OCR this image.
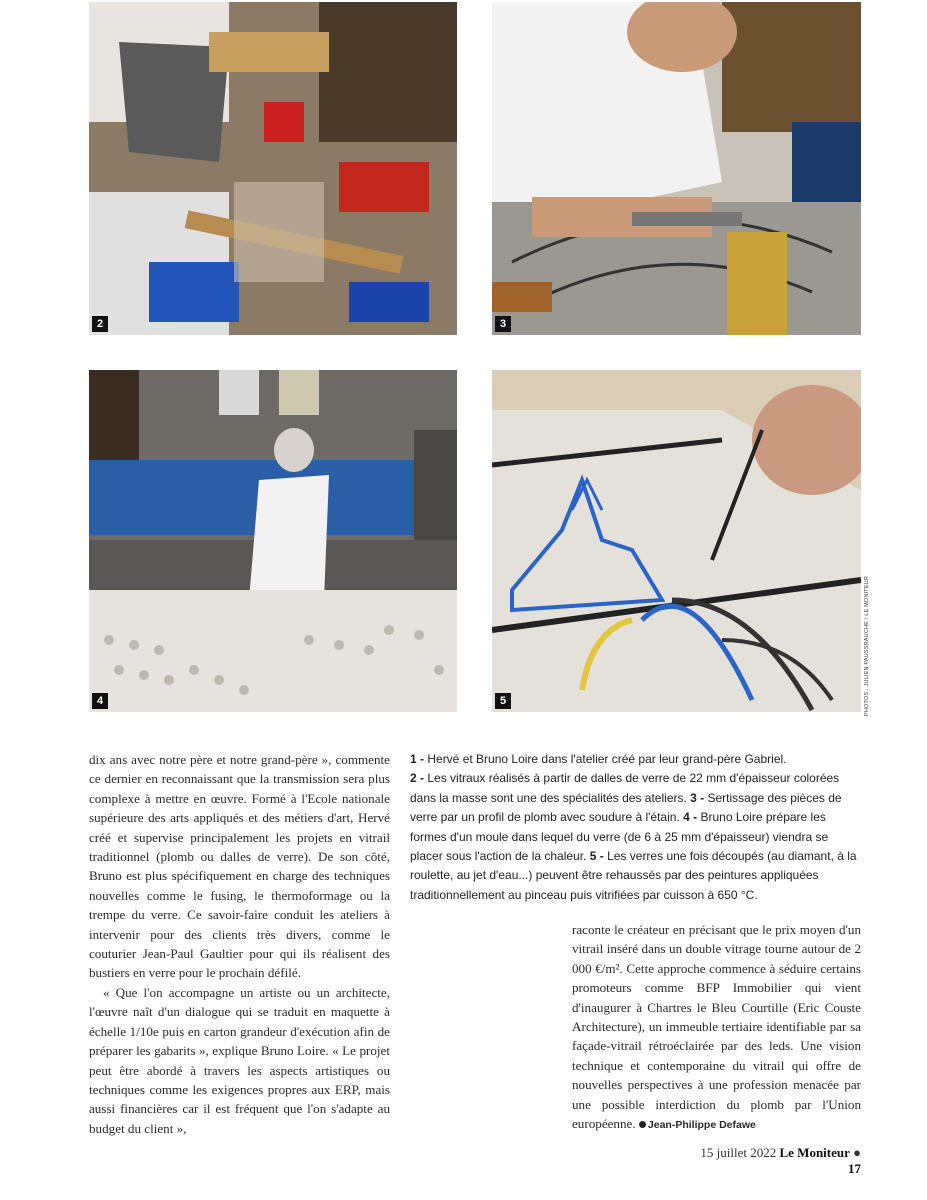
2	3
4	5	PHOTOS : JULIEN PAUSSRAUCHE / LE MONITEUR

dix ans avec notre père et notre grand-père », commente ce dernier en reconnaissant que la transmission sera plus complexe à mettre en œuvre. Formé à l'Ecole nationale supérieure des arts appliqués et des métiers d'art, Hervé créé et supervise principalement les projets en vitrail traditionnel (plomb ou dalles de verre). De son côté, Bruno est plus spécifiquement en charge des techniques nouvelles comme le fusing, le thermoformage ou la trempe du verre. Ce savoir-faire conduit les ateliers à intervenir pour des clients très divers, comme le couturier Jean-Paul Gaultier pour qui ils réalisent des bustiers en verre pour le prochain défilé.

« Que l'on accompagne un artiste ou un architecte, l'œuvre naît d'un dialogue qui se traduit en maquette à échelle 1/10e puis en carton grandeur d'exécution afin de préparer les gabarits », explique Bruno Loire. « Le projet peut être abordé à travers les aspects artistiques ou techniques comme les exigences propres aux ERP, mais aussi financières car il est fréquent que l'on s'adapte au budget du client »,

1 - Hervé et Bruno Loire dans l'atelier créé par leur grand-père Gabriel.
2 - Les vitraux réalisés à partir de dalles de verre de 22 mm d'épaisseur colorées dans la masse sont une des spécialités des ateliers. 3 - Sertissage des pièces de verre par un profil de plomb avec soudure à l'étain. 4 - Bruno Loire prépare les formes d'un moule dans lequel du verre (de 6 à 25 mm d'épaisseur) viendra se placer sous l'action de la chaleur. 5 - Les verres une fois découpés (au diamant, à la roulette, au jet d'eau...) peuvent être rehaussés par des peintures appliquées traditionnellement au pinceau puis vitrifiées par cuisson à 650 °C.

raconte le créateur en précisant que le prix moyen d'un vitrail inséré dans un double vitrage tourne autour de 2 000 €/m². Cette approche commence à séduire certains promoteurs comme BFP Immobilier qui vient d'inaugurer à Chartres le Bleu Courtille (Eric Couste Architecture), un immeuble tertiaire identifiable par sa façade-vitrail rétroéclairée par des leds. Une vision technique et contemporaine du vitrail qui offre de nouvelles perspectives à une profession menacée par une possible interdiction du plomb par l'Union européenne. Jean-Philippe Defawe

15 juillet 2022 Le Moniteur ● 17
